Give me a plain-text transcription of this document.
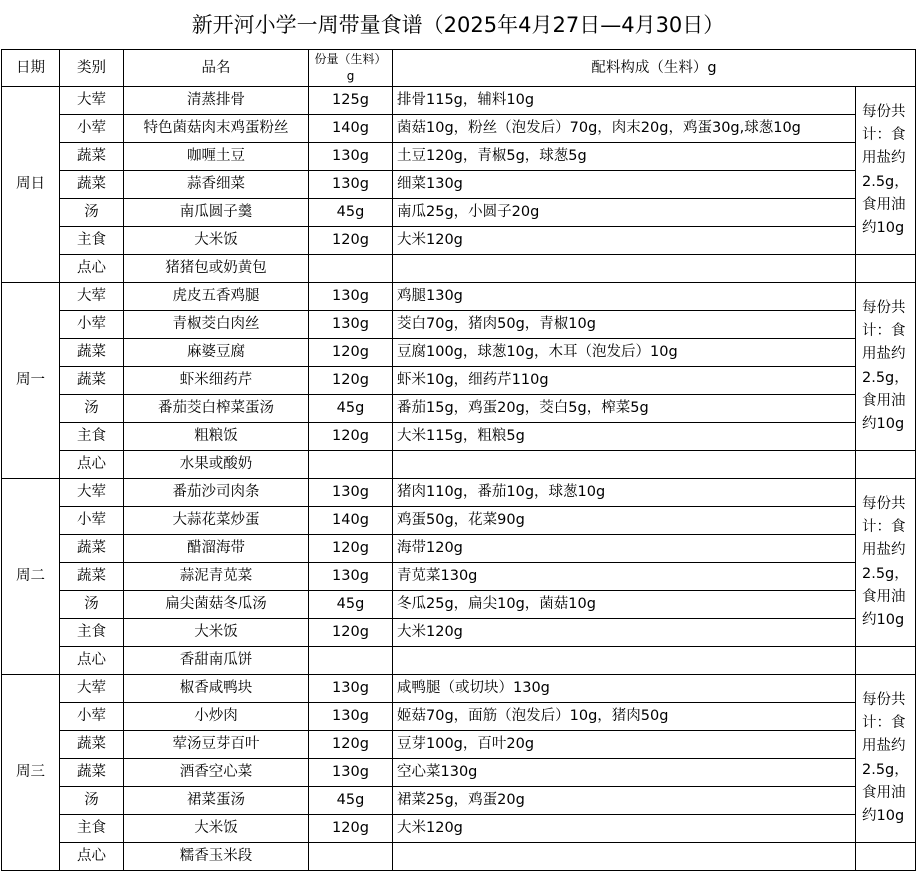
新开河小学一周带量食谱（2025年4月27日—4月30日）
日期	类别	品名	份量（生料）
g	配料构成（生料）g	
周日	大荤	清蒸排骨	125g	排骨115g，辅料10g	每份共计：食用盐约2.5g，食用油约10g
	小荤	特色菌菇肉末鸡蛋粉丝	140g	菌菇10g，粉丝（泡发后）70g，肉末20g，鸡蛋30g,球葱10g	
	蔬菜	咖喱土豆	130g	土豆120g，青椒5g，球葱5g	
	蔬菜	蒜香细菜	130g	细菜130g	
	汤	南瓜圆子羹	45g	南瓜25g，小圆子20g	
	主食	大米饭	120g	大米120g	
	点心	猪猪包或奶黄包			
周一	大荤	虎皮五香鸡腿	130g	鸡腿130g	每份共计：食用盐约2.5g，食用油约10g
	小荤	青椒茭白肉丝	130g	茭白70g，猪肉50g，青椒10g	
	蔬菜	麻婆豆腐	120g	豆腐100g，球葱10g，木耳（泡发后）10g	
	蔬菜	虾米细药芹	120g	虾米10g，细药芹110g	
	汤	番茄茭白榨菜蛋汤	45g	番茄15g，鸡蛋20g，茭白5g，榨菜5g	
	主食	粗粮饭	120g	大米115g，粗粮5g	
	点心	水果或酸奶			
周二	大荤	番茄沙司肉条	130g	猪肉110g，番茄10g，球葱10g	每份共计：食用盐约2.5g，食用油约10g
	小荤	大蒜花菜炒蛋	140g	鸡蛋50g，花菜90g	
	蔬菜	醋溜海带	120g	海带120g	
	蔬菜	蒜泥青苋菜	130g	青苋菜130g	
	汤	扁尖菌菇冬瓜汤	45g	冬瓜25g，扁尖10g，菌菇10g	
	主食	大米饭	120g	大米120g	
	点心	香甜南瓜饼			
周三	大荤	椒香咸鸭块	130g	咸鸭腿（或切块）130g	每份共计：食用盐约2.5g，食用油约10g
	小荤	小炒肉	130g	姬菇70g，面筋（泡发后）10g，猪肉50g	
	蔬菜	荤汤豆芽百叶	120g	豆芽100g，百叶20g	
	蔬菜	酒香空心菜	130g	空心菜130g	
	汤	裙菜蛋汤	45g	裙菜25g，鸡蛋20g	
	主食	大米饭	120g	大米120g	
	点心	糯香玉米段			
